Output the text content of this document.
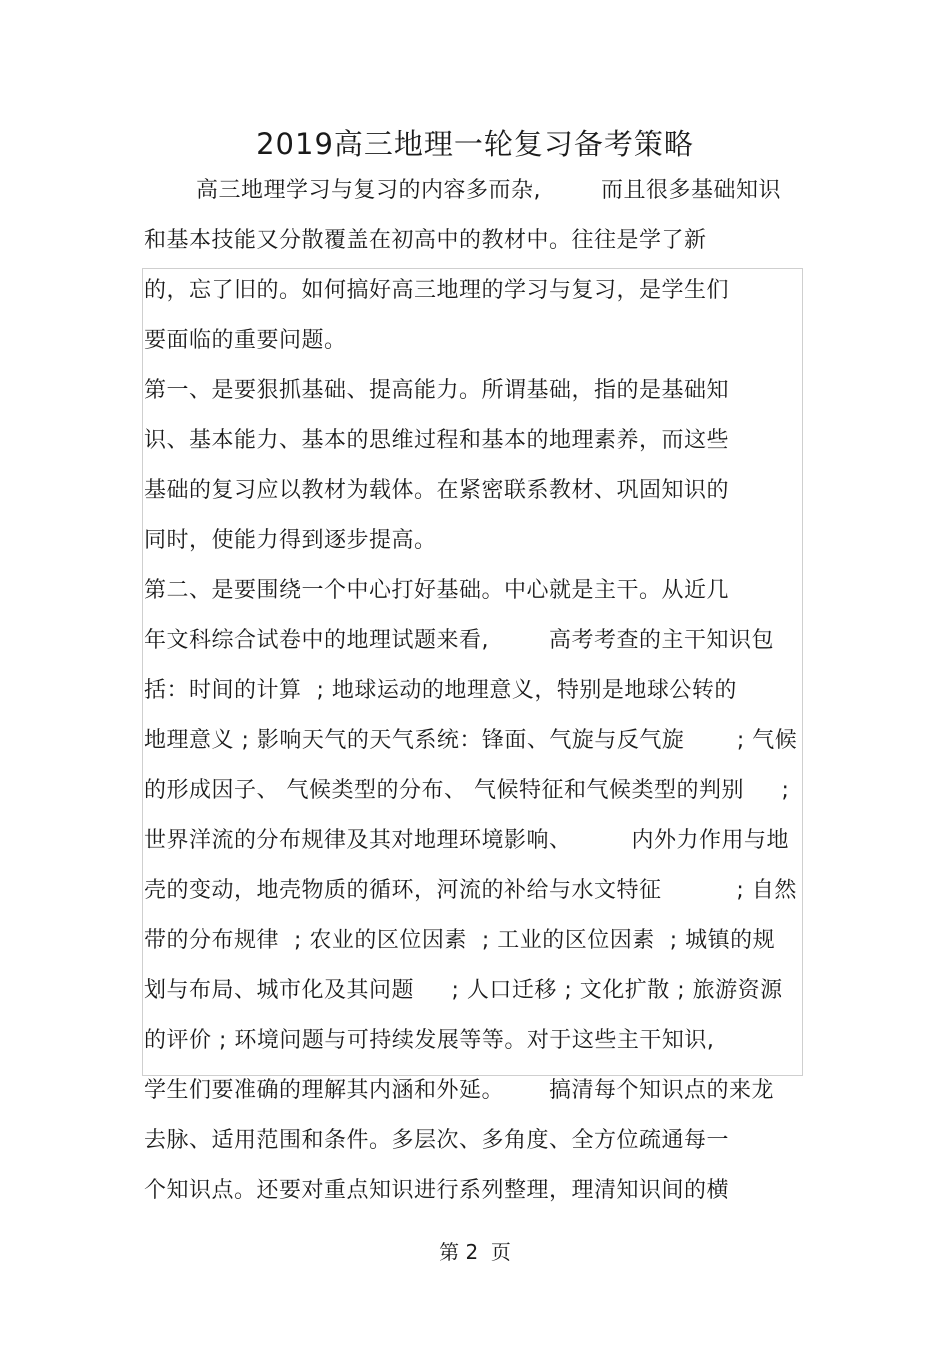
2019高三地理一轮复习备考策略
高三地理学习与复习的内容多而杂,        而且很多基础知识
和基本技能又分散覆盖在初高中的教材中。往往是学了新
的，忘了旧的。如何搞好高三地理的学习与复习，是学生们
要面临的重要问题。
第一、是要狠抓基础、提高能力。所谓基础，指的是基础知
识、基本能力、基本的思维过程和基本的地理素养，而这些
基础的复习应以教材为载体。在紧密联系教材、巩固知识的
同时，使能力得到逐步提高。
第二、是要围绕一个中心打好基础。中心就是主干。从近几
年文科综合试卷中的地理试题来看,        高考考查的主干知识包
括：时间的计算  ; 地球运动的地理意义，特别是地球公转的
地理意义 ; 影响天气的天气系统：锋面、气旋与反气旋       ; 气候
的形成因子、 气候类型的分布、 气候特征和气候类型的判别     ;
世界洋流的分布规律及其对地理环境影响、        内外力作用与地
壳的变动，地壳物质的循环，河流的补给与水文特征          ; 自然
带的分布规律  ; 农业的区位因素  ; 工业的区位因素  ; 城镇的规
划与布局、城市化及其问题     ; 人口迁移 ; 文化扩散 ; 旅游资源
的评价 ; 环境问题与可持续发展等等。对于这些主干知识,
学生们要准确的理解其内涵和外延。      搞清每个知识点的来龙
去脉、适用范围和条件。多层次、多角度、全方位疏通每一
个知识点。还要对重点知识进行系列整理，理清知识间的横
第 2  页
